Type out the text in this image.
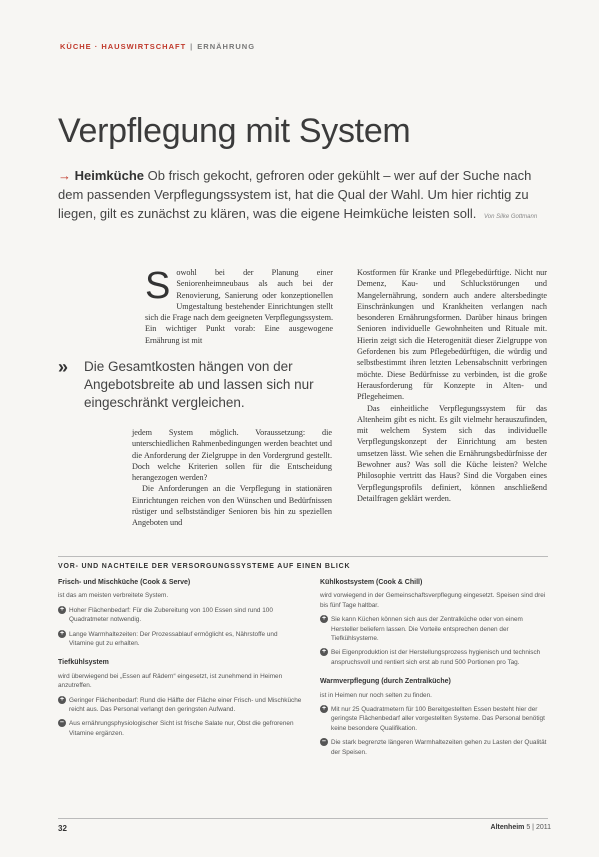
KÜCHE · HAUSWIRTSCHAFT | ERNÄHRUNG
Verpflegung mit System
→ Heimküche Ob frisch gekocht, gefroren oder gekühlt – wer auf der Suche nach dem passenden Verpflegungssystem ist, hat die Qual der Wahl. Um hier richtig zu liegen, gilt es zunächst zu klären, was die eigene Heimküche leisten soll. Von Silke Gottmann
S owohl bei der Planung einer Seniorenheimneubaus als auch bei der Renovierung, Sanierung oder konzeptionellen Umgestaltung bestehender Einrichtungen stellt sich die Frage nach dem geeigneten Verpflegungssystem. Ein wichtiger Punkt vorab: Eine ausgewogene Ernährung ist mit

» Die Gesamtkosten hängen von der Angebotsbreite ab und lassen sich nur eingeschränkt vergleichen.

jedem System möglich. Voraussetzung: die unterschiedlichen Rahmenbedingungen werden beachtet und die Anforderung der Zielgruppe in den Vordergrund gestellt. Doch welche Kriterien sollen für die Entscheidung herangezogen werden?

Die Anforderungen an die Verpflegung in stationären Einrichtungen reichen von den Wünschen und Bedürfnissen rüstiger und selbstständiger Senioren bis hin zu speziellen Angeboten und

Kostformen für Kranke und Pflegebedürftige. Nicht nur Demenz, Kau- und Schluckstörungen und Mangelernährung, sondern auch andere altersbedingte Einschränkungen und Krankheiten verlangen nach besonderen Ernährungsformen. Darüber hinaus bringen Senioren individuelle Gewohnheiten und Rituale mit. Hierin zeigt sich die Heterogenität dieser Zielgruppe von Gefordenen bis zum Pflegebedürftigen, die würdig und selbstbestimmt ihren letzten Lebensabschnitt verbringen möchte. Diese Bedürfnisse zu verbinden, ist die große Herausforderung für Konzepte in Alten- und Pflegeheimen.

Das einheitliche Verpflegungssystem für das Altenheim gibt es nicht. Es gilt vielmehr herauszufinden, mit welchem System sich das individuelle Verpflegungskonzept der Einrichtung am besten umsetzen lässt. Wie sehen die Ernährungsbedürfnisse der Bewohner aus? Was soll die Küche leisten? Welche Philosophie vertritt das Haus? Sind die Vorgaben eines Verpflegungsprofils definiert, können anschließend Detailfragen geklärt werden.

VOR- UND NACHTEILE DER VERSORGUNGSSYSTEME AUF EINEN BLICK
Frisch- und Mischküche (Cook & Serve)
ist das am meisten verbreitete System.
+ Hoher Flächenbedarf: Für die Zubereitung von 100 Essen sind rund 100 Quadratmeter notwendig.
+ Lange Warmhaltezeiten: Der Prozessablauf ermöglicht es, Nährstoffe und Vitamine gut zu erhalten.
Tiefkühlsystem
wird überwiegend bei „Essen auf Rädern“ eingesetzt, ist zunehmend in Heimen anzutreffen.
+ Geringer Flächenbedarf: Rund die Hälfte der Fläche einer Frisch- und Mischküche reicht aus. Das Personal verlangt den geringsten Aufwand.
– Aus ernährungsphysiologischer Sicht ist frische Salate nur, Obst die gefrorenen Vitamine ergänzen.
Kühlkostsystem (Cook & Chill)
wird vorwiegend in der Gemeinschaftsverpflegung eingesetzt. Speisen sind drei bis fünf Tage haltbar.
+ Sie kann Küchen können sich aus der Zentralküche oder von einem Hersteller beliefern lassen. Die Vorteile entsprechen denen der Tiefkühlsysteme.
+ Bei Eigenproduktion ist der Herstellungsprozess hygienisch und technisch anspruchsvoll und rentiert sich erst ab rund 500 Portionen pro Tag.
Warmverpflegung (durch Zentralküche)
ist in Heimen nur noch selten zu finden.
+ Mit nur 25 Quadratmetern für 100 Bereitgestellten Essen besteht hier der geringste Flächenbedarf aller vorgestellten Systeme. Das Personal benötigt keine besondere Qualifikation.
– Die stark begrenzte längeren Warmhaltezeiten gehen zu Lasten der Qualität der Speisen.
32	Altenheim 5 | 2011
